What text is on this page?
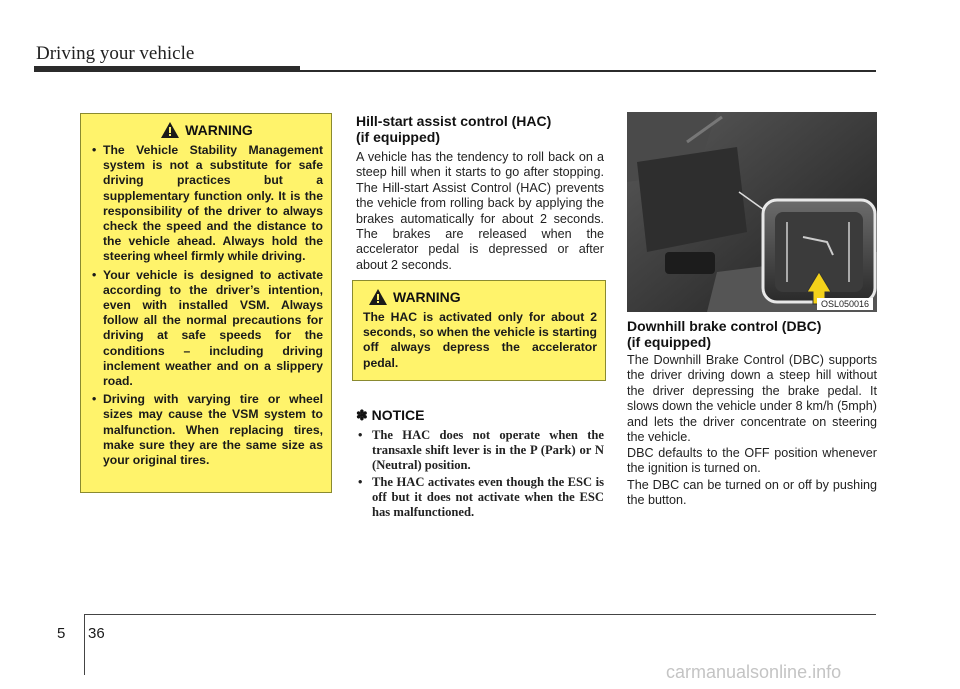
Driving your vehicle
WARNING
• The Vehicle Stability Management system is not a substitute for safe driving practices but a supplementary function only. It is the responsibility of the driver to always check the speed and the distance to the vehicle ahead. Always hold the steering wheel firmly while driving.
• Your vehicle is designed to activate according to the driver’s intention, even with installed VSM. Always follow all the normal precautions for driving at safe speeds for the conditions – including driving inclement weather and on a slippery road.
• Driving with varying tire or wheel sizes may cause the VSM system to malfunction. When replacing tires, make sure they are the same size as your original tires.
Hill-start assist control (HAC)
(if equipped)

A vehicle has the tendency to roll back on a steep hill when it starts to go after stopping. The Hill-start Assist Control (HAC) prevents the vehicle from rolling back by applying the brakes automatically for about 2 seconds. The brakes are released when the accelerator pedal is depressed or after about 2 seconds.

WARNING

The HAC is activated only for about 2 seconds, so when the vehicle is starting off always depress the accelerator pedal.

✽ NOTICE
• The HAC does not operate when the transaxle shift lever is in the P (Park) or N (Neutral) position.
• The HAC activates even though the ESC is off but it does not activate when the ESC has malfunctioned.
OSL050016
Downhill brake control (DBC)
(if equipped)

The Downhill Brake Control (DBC) supports the driver driving down a steep hill without the driver depressing the brake pedal. It slows down the vehicle under 8 km/h (5mph) and lets the driver concentrate on steering the vehicle.

DBC defaults to the OFF position whenever the ignition is turned on.

The DBC can be turned on or off by pushing the button.

5 36
carmanualsonline.info
